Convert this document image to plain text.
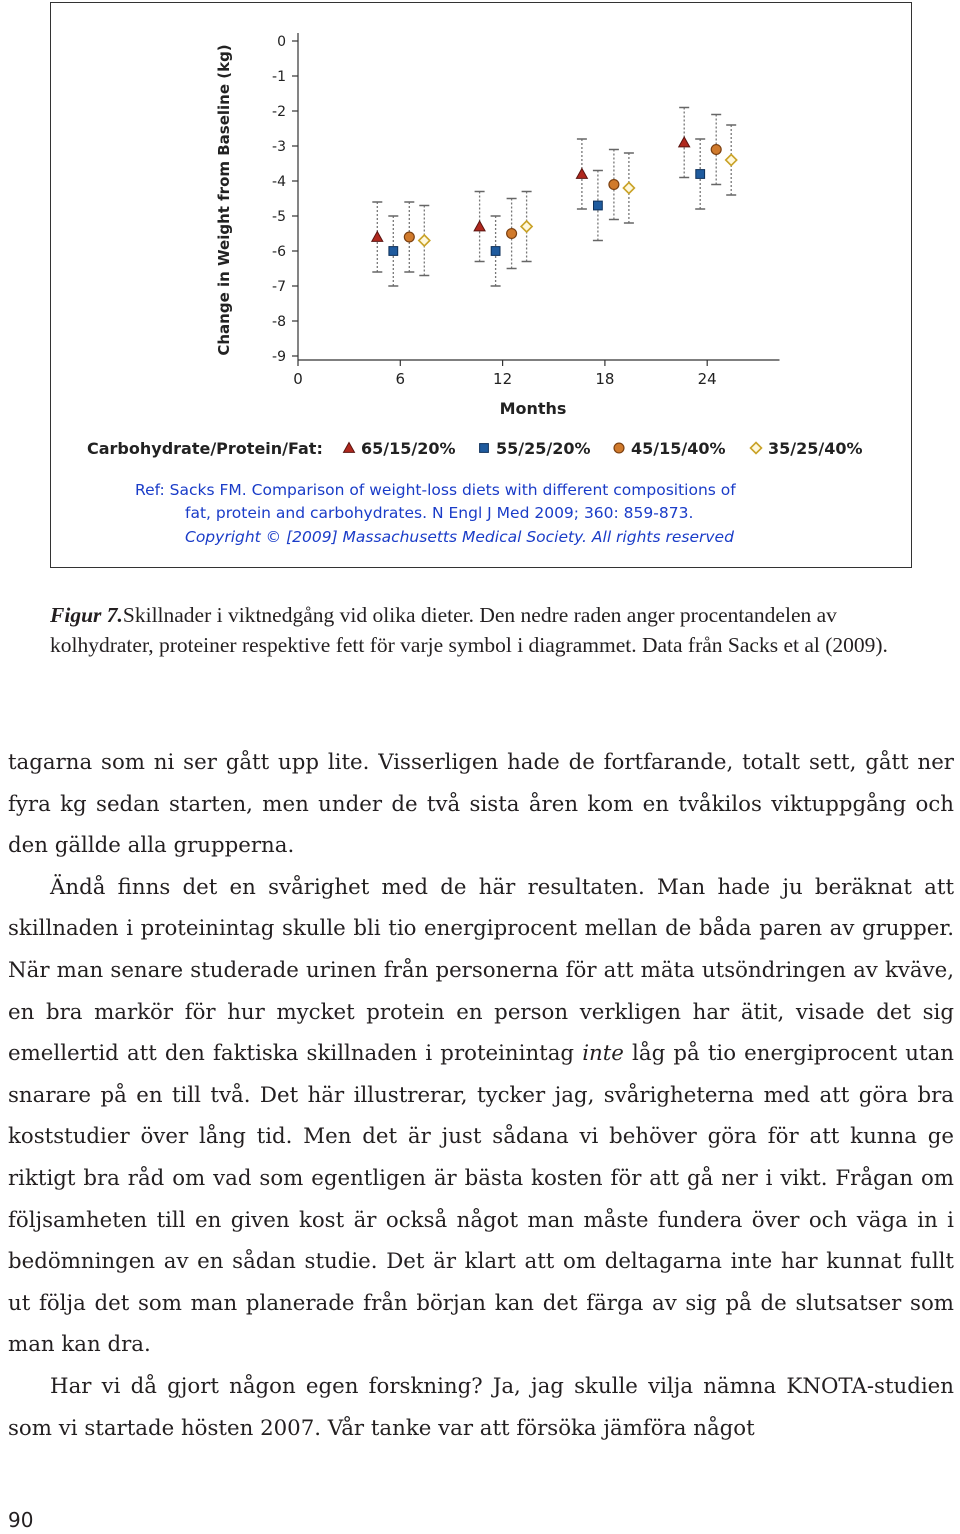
0
-1
-2
-3
-4
-5
-6
-7
-8
-9
0	6	12	18	24
Change in Weight from Baseline (kg)
Months
Carbohydrate/Protein/Fat: 65/15/20%	55/25/20%	45/15/40%	35/25/40%
Ref: Sacks FM. Comparison of weight-loss diets with different compositions of
fat, protein and carbohydrates. N Engl J Med 2009; 360: 859-873.
Copyright © [2009] Massachusetts Medical Society. All rights reserved

Figur 7.Skillnader i viktnedgång vid olika dieter. Den nedre raden anger procentandelen av kolhydrater, proteiner respektive fett för varje symbol i diagrammet. Data från Sacks et al (2009).

tagarna som ni ser gått upp lite. Visserligen hade de fortfarande, totalt sett, gått ner fyra kg sedan starten, men under de två sista åren kom en tvåkilos viktuppgång och den gällde alla grupperna.

Ändå finns det en svårighet med de här resultaten. Man hade ju beräknat att skillnaden i proteinintag skulle bli tio energiprocent mellan de båda paren av grupper. När man senare studerade urinen från personerna för att mäta utsöndringen av kväve, en bra markör för hur mycket protein en person verkligen har ätit, visade det sig emellertid att den faktiska skillnaden i proteinintag inte låg på tio energiprocent utan snarare på en till två. Det här illustrerar, tycker jag, svårigheterna med att göra bra koststudier över lång tid. Men det är just sådana vi behöver göra för att kunna ge riktigt bra råd om vad som egentligen är bästa kosten för att gå ner i vikt. Frågan om följsamheten till en given kost är också något man måste fundera över och väga in i bedömningen av en sådan studie. Det är klart att om deltagarna inte har kunnat fullt ut följa det som man planerade från början kan det färga av sig på de slutsatser som man kan dra.

Har vi då gjort någon egen forskning? Ja, jag skulle vilja nämna KNOTA-studien som vi startade hösten 2007. Vår tanke var att försöka jämföra något

90
